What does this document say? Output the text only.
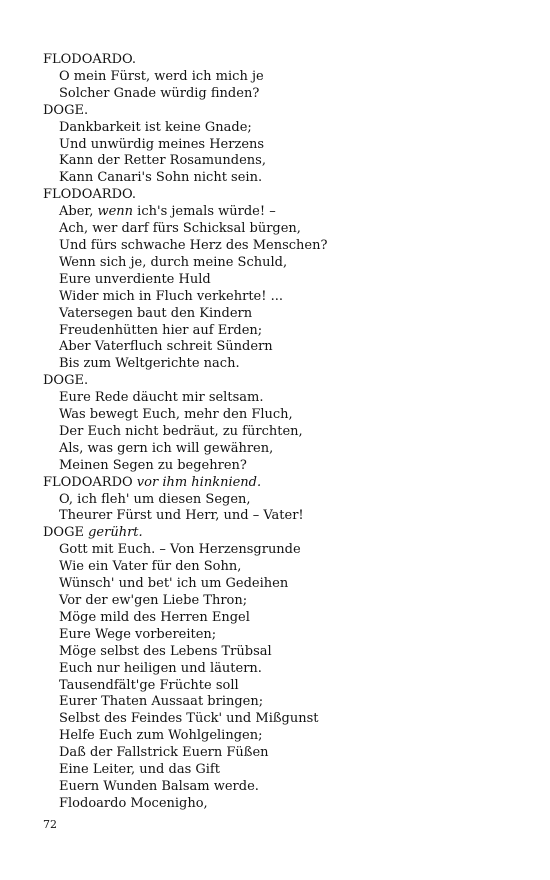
FLODOARDO.
O mein Fürst, werd ich mich je
Solcher Gnade würdig finden?
DOGE.
Dankbarkeit ist keine Gnade;
Und unwürdig meines Herzens
Kann der Retter Rosamundens,
Kann Canari's Sohn nicht sein.
FLODOARDO.
Aber, wenn ich's jemals würde! –
Ach, wer darf fürs Schicksal bürgen,
Und fürs schwache Herz des Menschen?
Wenn sich je, durch meine Schuld,
Eure unverdiente Huld
Wider mich in Fluch verkehrte! ...
Vatersegen baut den Kindern
Freudenhütten hier auf Erden;
Aber Vaterfluch schreit Sündern
Bis zum Weltgerichte nach.
DOGE.
Eure Rede däucht mir seltsam.
Was bewegt Euch, mehr den Fluch,
Der Euch nicht bedräut, zu fürchten,
Als, was gern ich will gewähren,
Meinen Segen zu begehren?
FLODOARDO vor ihm hinkniend.
O, ich fleh' um diesen Segen,
Theurer Fürst und Herr, und – Vater!
DOGE gerührt.
Gott mit Euch. – Von Herzensgrunde
Wie ein Vater für den Sohn,
Wünsch' und bet' ich um Gedeihen
Vor der ew'gen Liebe Thron;
Möge mild des Herren Engel
Eure Wege vorbereiten;
Möge selbst des Lebens Trübsal
Euch nur heiligen und läutern.
Tausendfält'ge Früchte soll
Eurer Thaten Aussaat bringen;
Selbst des Feindes Tück' und Mißgunst
Helfe Euch zum Wohlgelingen;
Daß der Fallstrick Euern Füßen
Eine Leiter, und das Gift
Euern Wunden Balsam werde.
Flodoardo Mocenigho,
72
